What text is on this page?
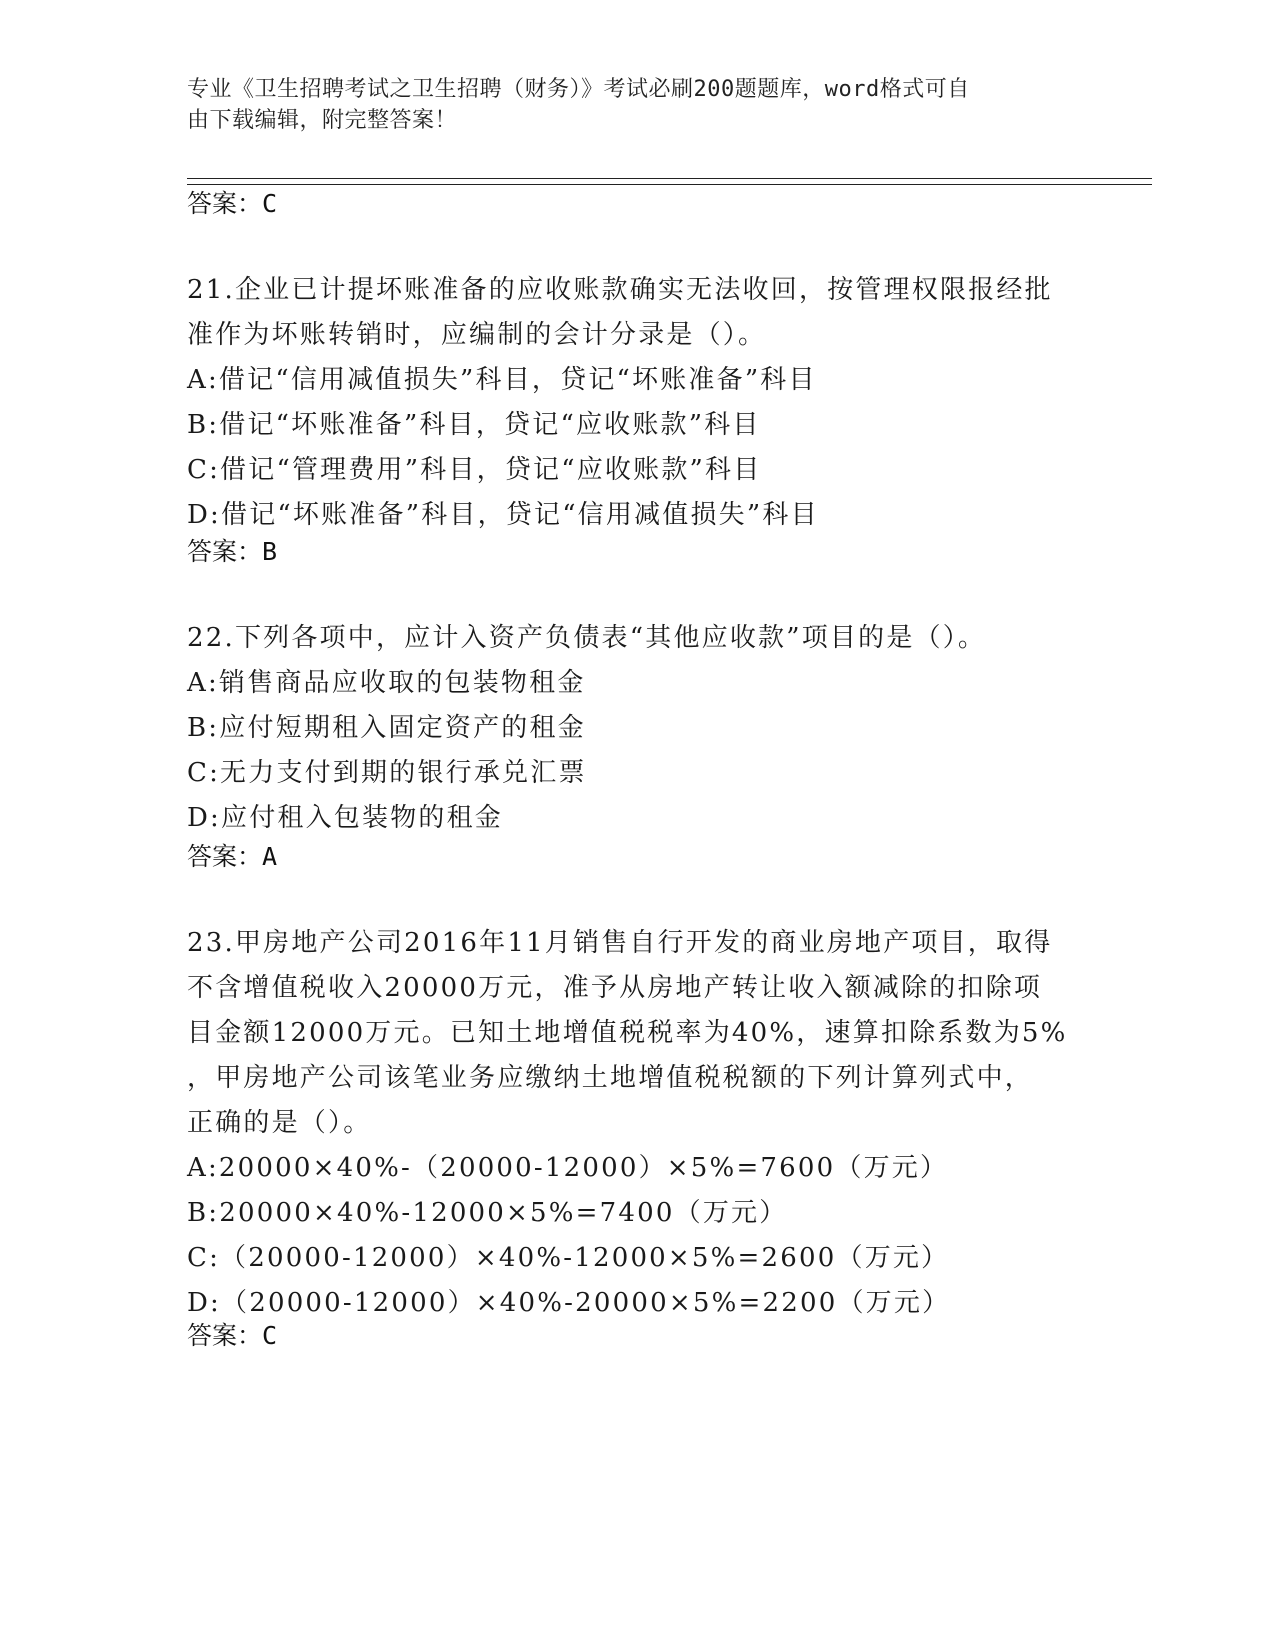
专业《卫生招聘考试之卫生招聘（财务）》考试必刷200题题库，word格式可自
由下载编辑，附完整答案！
答案：C
21.企业已计提坏账准备的应收账款确实无法收回，按管理权限报经批
准作为坏账转销时，应编制的会计分录是（）。
A:借记“信用减值损失”科目，贷记“坏账准备”科目
B:借记“坏账准备”科目，贷记“应收账款”科目
C:借记“管理费用”科目，贷记“应收账款”科目
D:借记“坏账准备”科目，贷记“信用减值损失”科目
答案：B
22.下列各项中，应计入资产负债表“其他应收款”项目的是（）。
A:销售商品应收取的包装物租金
B:应付短期租入固定资产的租金
C:无力支付到期的银行承兑汇票
D:应付租入包装物的租金
答案：A
23.甲房地产公司2016年11月销售自行开发的商业房地产项目，取得
不含增值税收入20000万元，准予从房地产转让收入额减除的扣除项
目金额12000万元。已知土地增值税税率为40%，速算扣除系数为5%
，甲房地产公司该笔业务应缴纳土地增值税税额的下列计算列式中，
正确的是（）。
A:20000×40%-（20000-12000）×5%=7600（万元）
B:20000×40%-12000×5%=7400（万元）
C:（20000-12000）×40%-12000×5%=2600（万元）
D:（20000-12000）×40%-20000×5%=2200（万元）
答案：C
